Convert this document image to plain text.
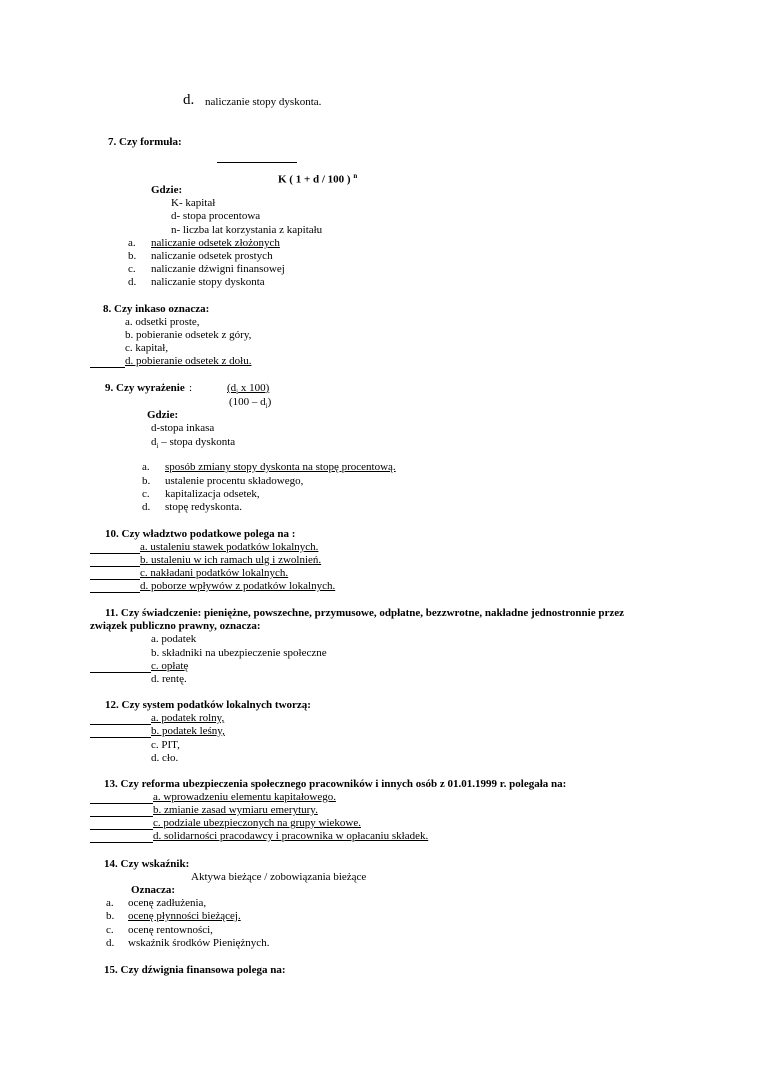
d. naliczanie stopy dyskonta.
7. Czy formuła:
K ( 1 + d / 100 ) $^n$
Gdzie:
K- kapitał
d- stopa procentowa
n- liczba lat korzystania z kapitału
a. naliczanie odsetek złożonych
b. naliczanie odsetek prostych
c. naliczanie dźwigni finansowej
d. naliczanie stopy dyskonta
8. Czy inkaso oznacza:
a. odsetki proste,
b. pobieranie odsetek z góry,
c. kapitał,
d. pobieranie odsetek z dołu.
9. Czy wyrażenie :	($d_i$ x 100)
$(100 - d_i)$
Gdzie:
d-stopa inkasa
$d_i$ – stopa dyskonta
a. sposób zmiany stopy dyskonta na stopę procentową.
b. ustalenie procentu składowego,
c. kapitalizacja odsetek,
d. stopę redyskonta.
10. Czy władztwo podatkowe polega na :
a. ustaleniu stawek podatków lokalnych.
b. ustaleniu w ich ramach ulg i zwolnień.
c. nakładani podatków lokalnych.
d. poborze wpływów z podatków lokalnych.
11. Czy świadczenie: pieniężne, powszechne, przymusowe, odpłatne, bezzwrotne, nakładne jednostronnie przez
związek publiczno prawny, oznacza:
a. podatek
b. składniki na ubezpieczenie społeczne
c. opłatę
d. rentę.
12. Czy system podatków lokalnych tworzą:
a. podatek rolny,
b. podatek leśny,
c. PIT,
d. cło.
13. Czy reforma ubezpieczenia społecznego pracowników i innych osób z 01.01.1999 r. polegała na:
a. wprowadzeniu elementu kapitałowego.
b. zmianie zasad wymiaru emerytury.
c. podziale ubezpieczonych na grupy wiekowe.
d. solidarności pracodawcy i pracownika w opłacaniu składek.
14. Czy wskaźnik:
Aktywa bieżące / zobowiązania bieżące
Oznacza:
a. ocenę zadłużenia,
b. ocenę płynności bieżącej.
c. ocenę rentowności,
d. wskaźnik środków Pieniężnych.
15. Czy dźwignia finansowa polega na:
